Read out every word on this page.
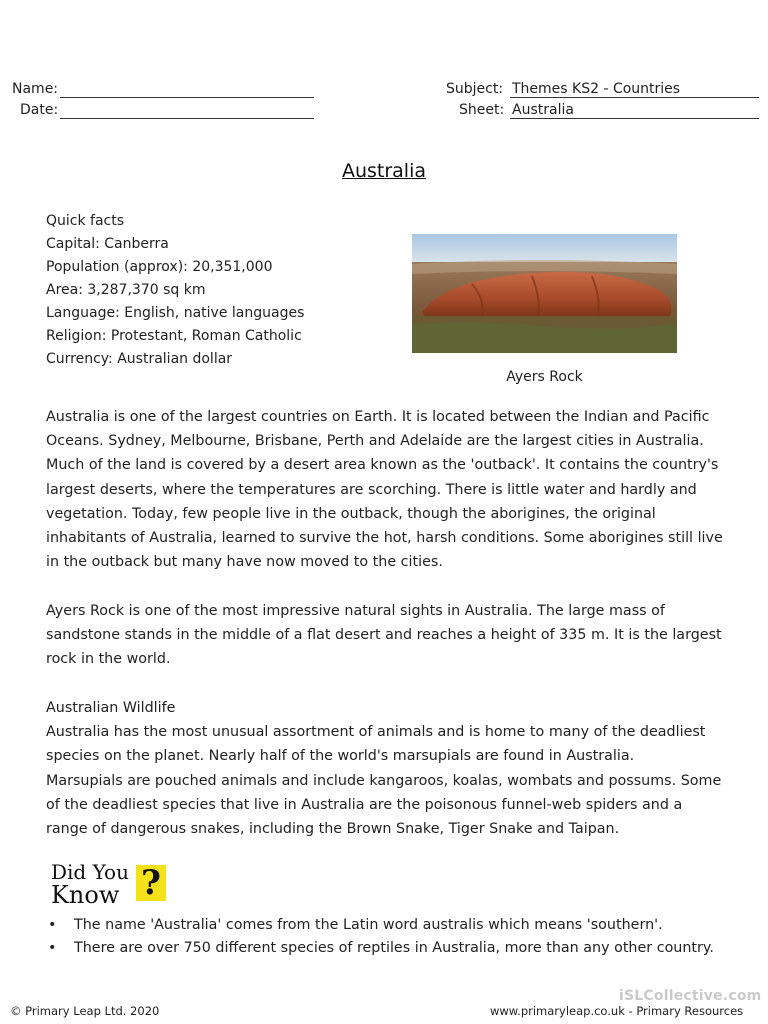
Name:
Date:
Subject: Themes KS2 - Countries
Sheet: Australia
Australia
Quick facts
Capital: Canberra
Population (approx): 20,351,000
Area: 3,287,370 sq km
Language: English, native languages
Religion: Protestant, Roman Catholic
Currency: Australian dollar
Ayers Rock
Australia is one of the largest countries on Earth. It is located between the Indian and Pacific
Oceans. Sydney, Melbourne, Brisbane, Perth and Adelaide are the largest cities in Australia.
Much of the land is covered by a desert area known as the 'outback'. It contains the country's
largest deserts, where the temperatures are scorching. There is little water and hardly and
vegetation. Today, few people live in the outback, though the aborigines, the original
inhabitants of Australia, learned to survive the hot, harsh conditions. Some aborigines still live
in the outback but many have now moved to the cities.
Ayers Rock is one of the most impressive natural sights in Australia. The large mass of
sandstone stands in the middle of a flat desert and reaches a height of 335 m. It is the largest
rock in the world.
Australian Wildlife
Australia has the most unusual assortment of animals and is home to many of the deadliest
species on the planet. Nearly half of the world's marsupials are found in Australia.
Marsupials are pouched animals and include kangaroos, koalas, wombats and possums. Some
of the deadliest species that live in Australia are the poisonous funnel-web spiders and a
range of dangerous snakes, including the Brown Snake, Tiger Snake and Taipan.
Did You
Know ?
• The name 'Australia' comes from the Latin word australis which means 'southern'.
• There are over 750 different species of reptiles in Australia, more than any other country.
iSLCollective.com
© Primary Leap Ltd. 2020	www.primaryleap.co.uk - Primary Resources
